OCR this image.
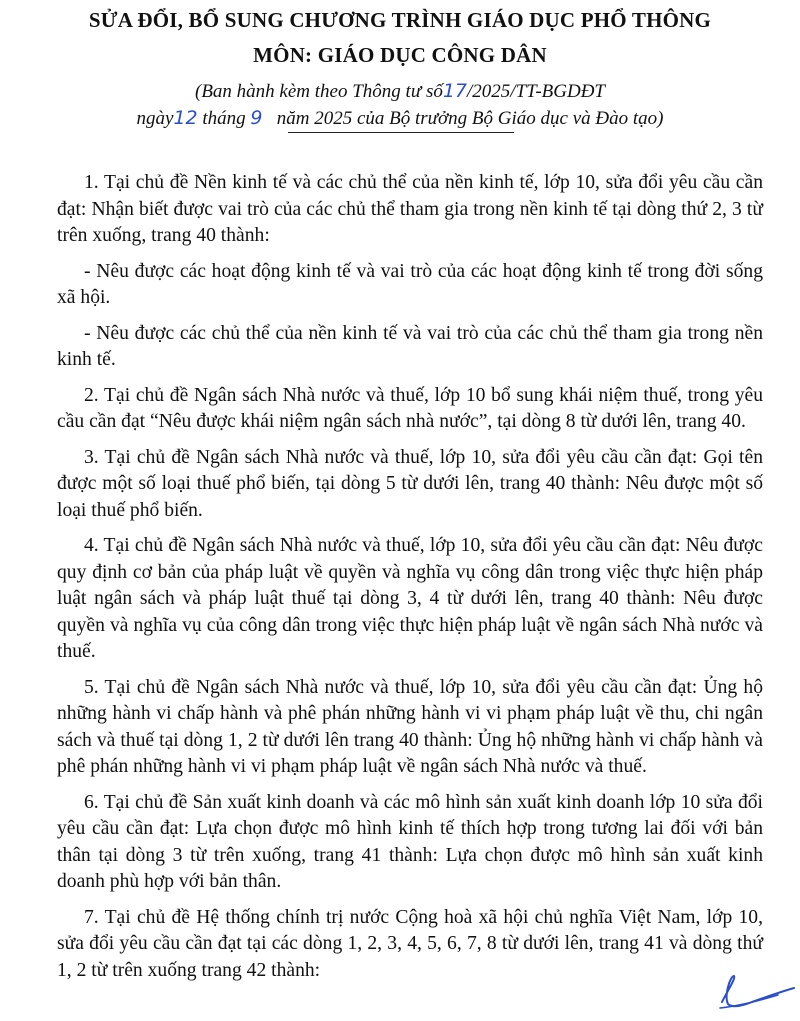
SỬA ĐỔI, BỔ SUNG CHƯƠNG TRÌNH GIÁO DỤC PHỔ THÔNG
MÔN: GIÁO DỤC CÔNG DÂN
(Ban hành kèm theo Thông tư số17/2025/TT-BGDĐT
ngày12 tháng 9 năm 2025 của Bộ trưởng Bộ Giáo dục và Đào tạo)

1. Tại chủ đề Nền kinh tế và các chủ thể của nền kinh tế, lớp 10, sửa đổi yêu cầu cần đạt: Nhận biết được vai trò của các chủ thể tham gia trong nền kinh tế tại dòng thứ 2, 3 từ trên xuống, trang 40 thành:

- Nêu được các hoạt động kinh tế và vai trò của các hoạt động kinh tế trong đời sống xã hội.

- Nêu được các chủ thể của nền kinh tế và vai trò của các chủ thể tham gia trong nền kinh tế.

2. Tại chủ đề Ngân sách Nhà nước và thuế, lớp 10 bổ sung khái niệm thuế, trong yêu cầu cần đạt “Nêu được khái niệm ngân sách nhà nước”, tại dòng 8 từ dưới lên, trang 40.

3. Tại chủ đề Ngân sách Nhà nước và thuế, lớp 10, sửa đổi yêu cầu cần đạt: Gọi tên được một số loại thuế phổ biến, tại dòng 5 từ dưới lên, trang 40 thành: Nêu được một số loại thuế phổ biến.

4. Tại chủ đề Ngân sách Nhà nước và thuế, lớp 10, sửa đổi yêu cầu cần đạt: Nêu được quy định cơ bản của pháp luật về quyền và nghĩa vụ công dân trong việc thực hiện pháp luật ngân sách và pháp luật thuế tại dòng 3, 4 từ dưới lên, trang 40 thành: Nêu được quyền và nghĩa vụ của công dân trong việc thực hiện pháp luật về ngân sách Nhà nước và thuế.

5. Tại chủ đề Ngân sách Nhà nước và thuế, lớp 10, sửa đổi yêu cầu cần đạt: Ủng hộ những hành vi chấp hành và phê phán những hành vi vi phạm pháp luật về thu, chi ngân sách và thuế tại dòng 1, 2 từ dưới lên trang 40 thành: Ủng hộ những hành vi chấp hành và phê phán những hành vi vi phạm pháp luật về ngân sách Nhà nước và thuế.

6. Tại chủ đề Sản xuất kinh doanh và các mô hình sản xuất kinh doanh lớp 10 sửa đổi yêu cầu cần đạt: Lựa chọn được mô hình kinh tế thích hợp trong tương lai đối với bản thân tại dòng 3 từ trên xuống, trang 41 thành: Lựa chọn được mô hình sản xuất kinh doanh phù hợp với bản thân.

7. Tại chủ đề Hệ thống chính trị nước Cộng hoà xã hội chủ nghĩa Việt Nam, lớp 10, sửa đổi yêu cầu cần đạt tại các dòng 1, 2, 3, 4, 5, 6, 7, 8 từ dưới lên, trang 41 và dòng thứ 1, 2 từ trên xuống trang 42 thành:
